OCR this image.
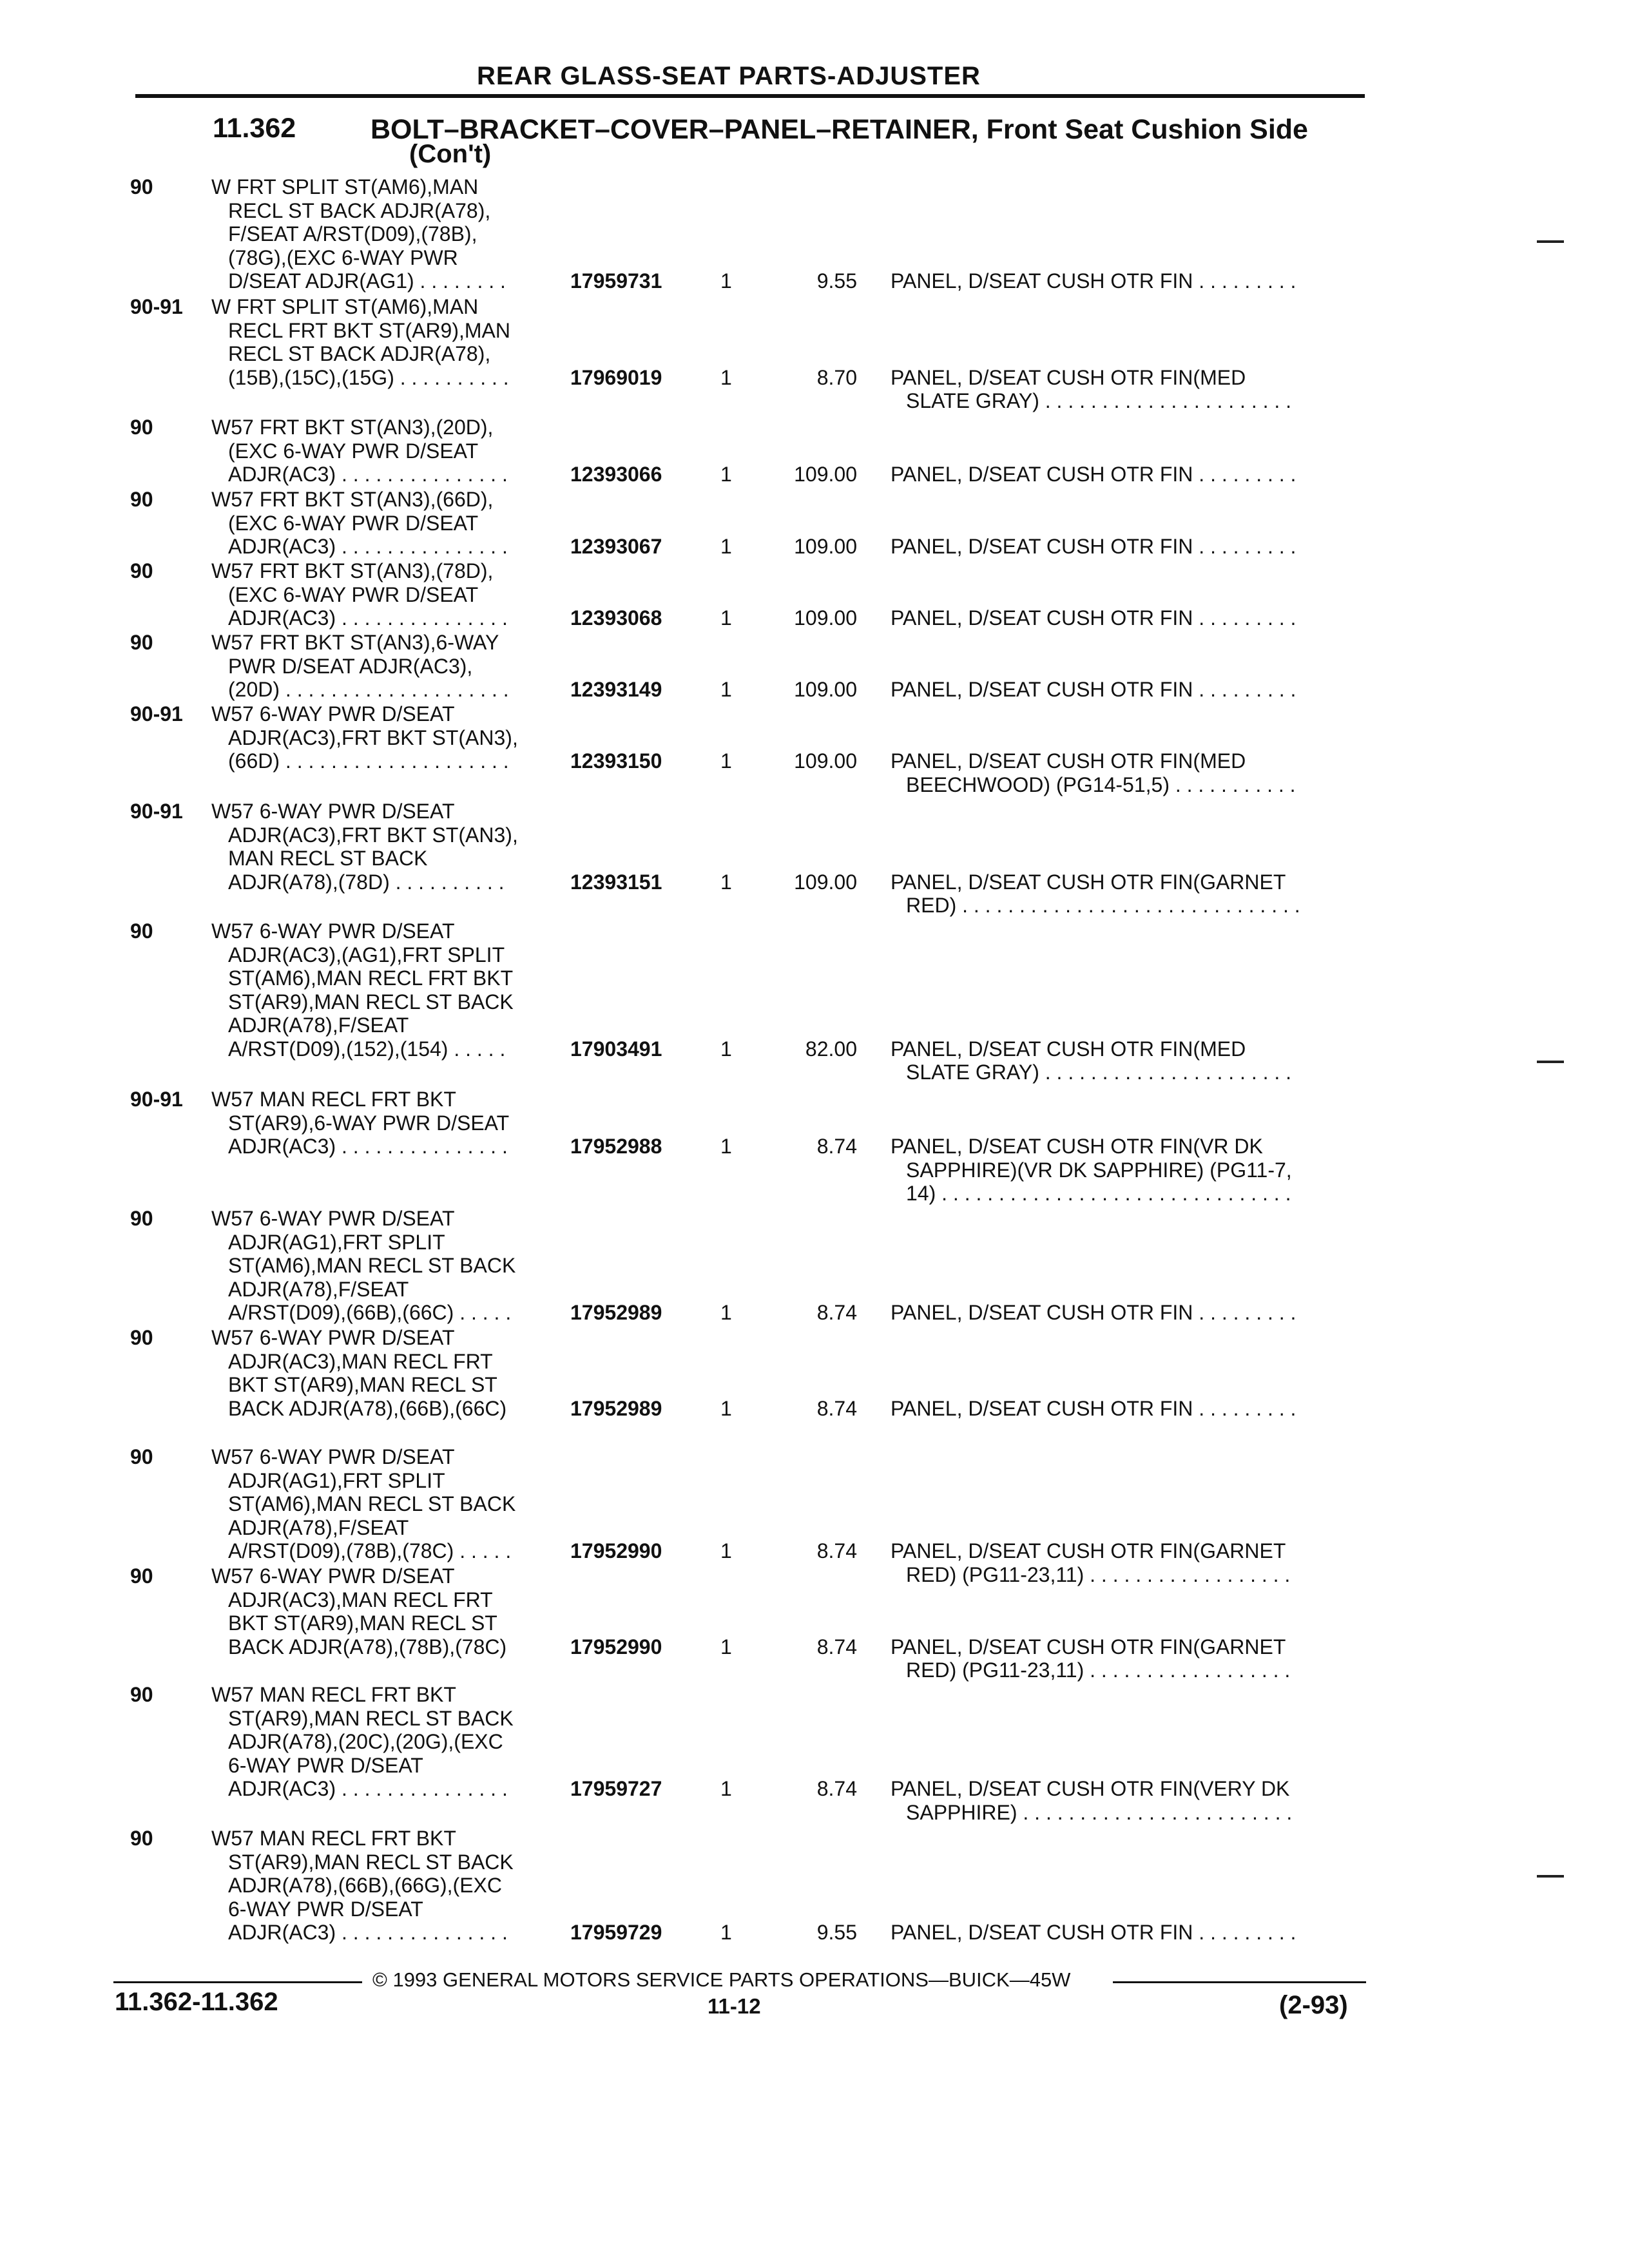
REAR GLASS-SEAT PARTS-ADJUSTER
11.362	BOLT–BRACKET–COVER–PANEL–RETAINER, Front Seat Cushion Side
(Con't)
90	W FRT SPLIT ST(AM6),MAN
RECL ST BACK ADJR(A78),
F/SEAT A/RST(D09),(78B),
(78G),(EXC 6-WAY PWR
D/SEAT ADJR(AG1) . . . . . . . .	17959731	1	9.55 PANEL, D/SEAT CUSH OTR FIN . . . . . . . . .
90-91 W FRT SPLIT ST(AM6),MAN
RECL FRT BKT ST(AR9),MAN
RECL ST BACK ADJR(A78),
(15B),(15C),(15G) . . . . . . . . . .	17969019	1	8.70 PANEL, D/SEAT CUSH OTR FIN(MED
SLATE GRAY) . . . . . . . . . . . . . . . . . . . . . .
90	W57 FRT BKT ST(AN3),(20D),
(EXC 6-WAY PWR D/SEAT
ADJR(AC3) . . . . . . . . . . . . . . .	12393066	1	109.00 PANEL, D/SEAT CUSH OTR FIN . . . . . . . . .
90	W57 FRT BKT ST(AN3),(66D),
(EXC 6-WAY PWR D/SEAT
ADJR(AC3) . . . . . . . . . . . . . . .	12393067	1	109.00 PANEL, D/SEAT CUSH OTR FIN . . . . . . . . .
90	W57 FRT BKT ST(AN3),(78D),
(EXC 6-WAY PWR D/SEAT
ADJR(AC3) . . . . . . . . . . . . . . .	12393068	1	109.00 PANEL, D/SEAT CUSH OTR FIN . . . . . . . . .
90	W57 FRT BKT ST(AN3),6-WAY
PWR D/SEAT ADJR(AC3),
(20D) . . . . . . . . . . . . . . . . . . . .	12393149	1	109.00 PANEL, D/SEAT CUSH OTR FIN . . . . . . . . .
90-91 W57 6-WAY PWR D/SEAT
ADJR(AC3),FRT BKT ST(AN3),
(66D) . . . . . . . . . . . . . . . . . . . .	12393150	1	109.00 PANEL, D/SEAT CUSH OTR FIN(MED
BEECHWOOD) (PG14-51,5) . . . . . . . . . . .
90-91 W57 6-WAY PWR D/SEAT
ADJR(AC3),FRT BKT ST(AN3),
MAN RECL ST BACK
ADJR(A78),(78D) . . . . . . . . . .	12393151	1	109.00 PANEL, D/SEAT CUSH OTR FIN(GARNET
RED) . . . . . . . . . . . . . . . . . . . . . . . . . . . . . .
90	W57 6-WAY PWR D/SEAT
ADJR(AC3),(AG1),FRT SPLIT
ST(AM6),MAN RECL FRT BKT
ST(AR9),MAN RECL ST BACK
ADJR(A78),F/SEAT
A/RST(D09),(152),(154) . . . . .	17903491	1	82.00 PANEL, D/SEAT CUSH OTR FIN(MED
SLATE GRAY) . . . . . . . . . . . . . . . . . . . . . .
90-91 W57 MAN RECL FRT BKT
ST(AR9),6-WAY PWR D/SEAT
ADJR(AC3) . . . . . . . . . . . . . . .	17952988	1	8.74 PANEL, D/SEAT CUSH OTR FIN(VR DK
SAPPHIRE)(VR DK SAPPHIRE) (PG11-7,
14) . . . . . . . . . . . . . . . . . . . . . . . . . . . . . . .
90	W57 6-WAY PWR D/SEAT
ADJR(AG1),FRT SPLIT
ST(AM6),MAN RECL ST BACK
ADJR(A78),F/SEAT
A/RST(D09),(66B),(66C) . . . . .	17952989	1	8.74 PANEL, D/SEAT CUSH OTR FIN . . . . . . . . .
90	W57 6-WAY PWR D/SEAT
ADJR(AC3),MAN RECL FRT
BKT ST(AR9),MAN RECL ST
BACK ADJR(A78),(66B),(66C)	17952989	1	8.74 PANEL, D/SEAT CUSH OTR FIN . . . . . . . . .
90	W57 6-WAY PWR D/SEAT
ADJR(AG1),FRT SPLIT
ST(AM6),MAN RECL ST BACK
ADJR(A78),F/SEAT
A/RST(D09),(78B),(78C) . . . . .	17952990	1	8.74 PANEL, D/SEAT CUSH OTR FIN(GARNET
RED) (PG11-23,11) . . . . . . . . . . . . . . . . . .
90	W57 6-WAY PWR D/SEAT
ADJR(AC3),MAN RECL FRT
BKT ST(AR9),MAN RECL ST
BACK ADJR(A78),(78B),(78C)	17952990	1	8.74 PANEL, D/SEAT CUSH OTR FIN(GARNET
RED) (PG11-23,11) . . . . . . . . . . . . . . . . . .
90	W57 MAN RECL FRT BKT
ST(AR9),MAN RECL ST BACK
ADJR(A78),(20C),(20G),(EXC
6-WAY PWR D/SEAT
ADJR(AC3) . . . . . . . . . . . . . . .	17959727	1	8.74 PANEL, D/SEAT CUSH OTR FIN(VERY DK
SAPPHIRE) . . . . . . . . . . . . . . . . . . . . . . . .
90	W57 MAN RECL FRT BKT
ST(AR9),MAN RECL ST BACK
ADJR(A78),(66B),(66G),(EXC
6-WAY PWR D/SEAT
ADJR(AC3) . . . . . . . . . . . . . . .	17959729	1	9.55 PANEL, D/SEAT CUSH OTR FIN . . . . . . . . .
© 1993 GENERAL MOTORS SERVICE PARTS OPERATIONS—BUICK—45W
11.362-11.362	11-12	(2-93)
